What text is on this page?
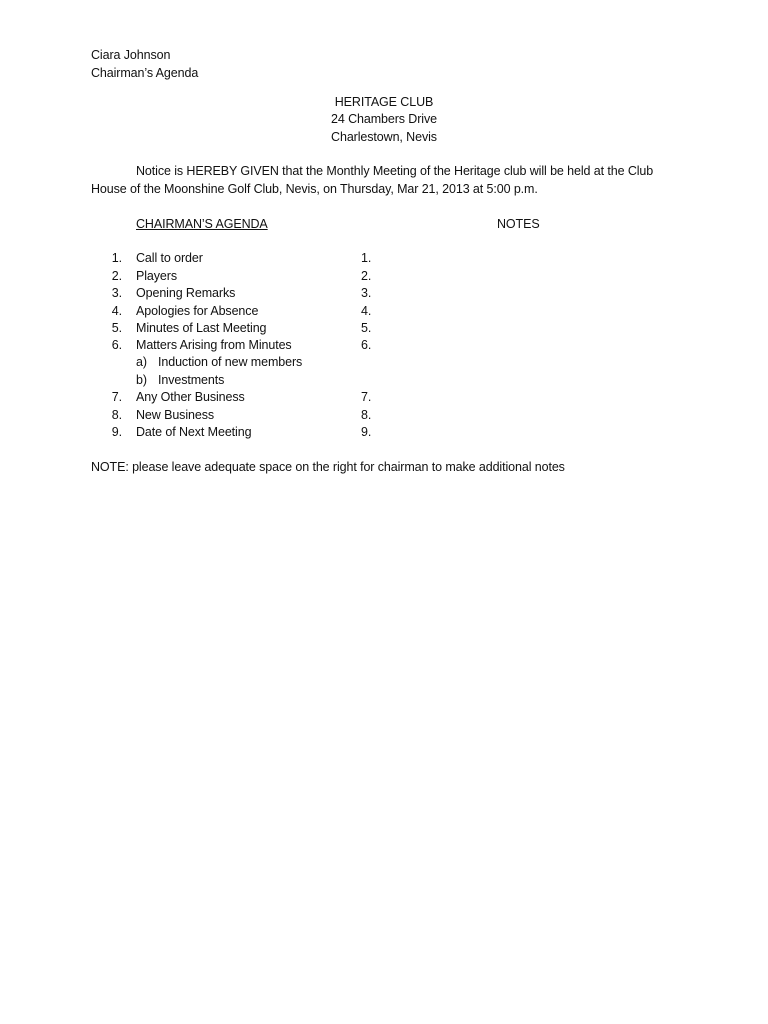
Ciara Johnson
Chairman’s Agenda
HERITAGE CLUB
24 Chambers Drive
Charlestown, Nevis
Notice is HEREBY GIVEN that the Monthly Meeting of the Heritage club will be held at the Club
House of the Moonshine Golf Club, Nevis, on Thursday, Mar 21, 2013 at 5:00 p.m.
CHAIRMAN’S AGENDA	NOTES
1. Call to order	1.
2. Players	2.
3. Opening Remarks	3.
4. Apologies for Absence	4.
5. Minutes of Last Meeting	5.
6. Matters Arising from Minutes	6.
a) Induction of new members
b) Investments
7. Any Other Business	7.
8. New Business	8.
9. Date of Next Meeting	9.
NOTE: please leave adequate space on the right for chairman to make additional notes
